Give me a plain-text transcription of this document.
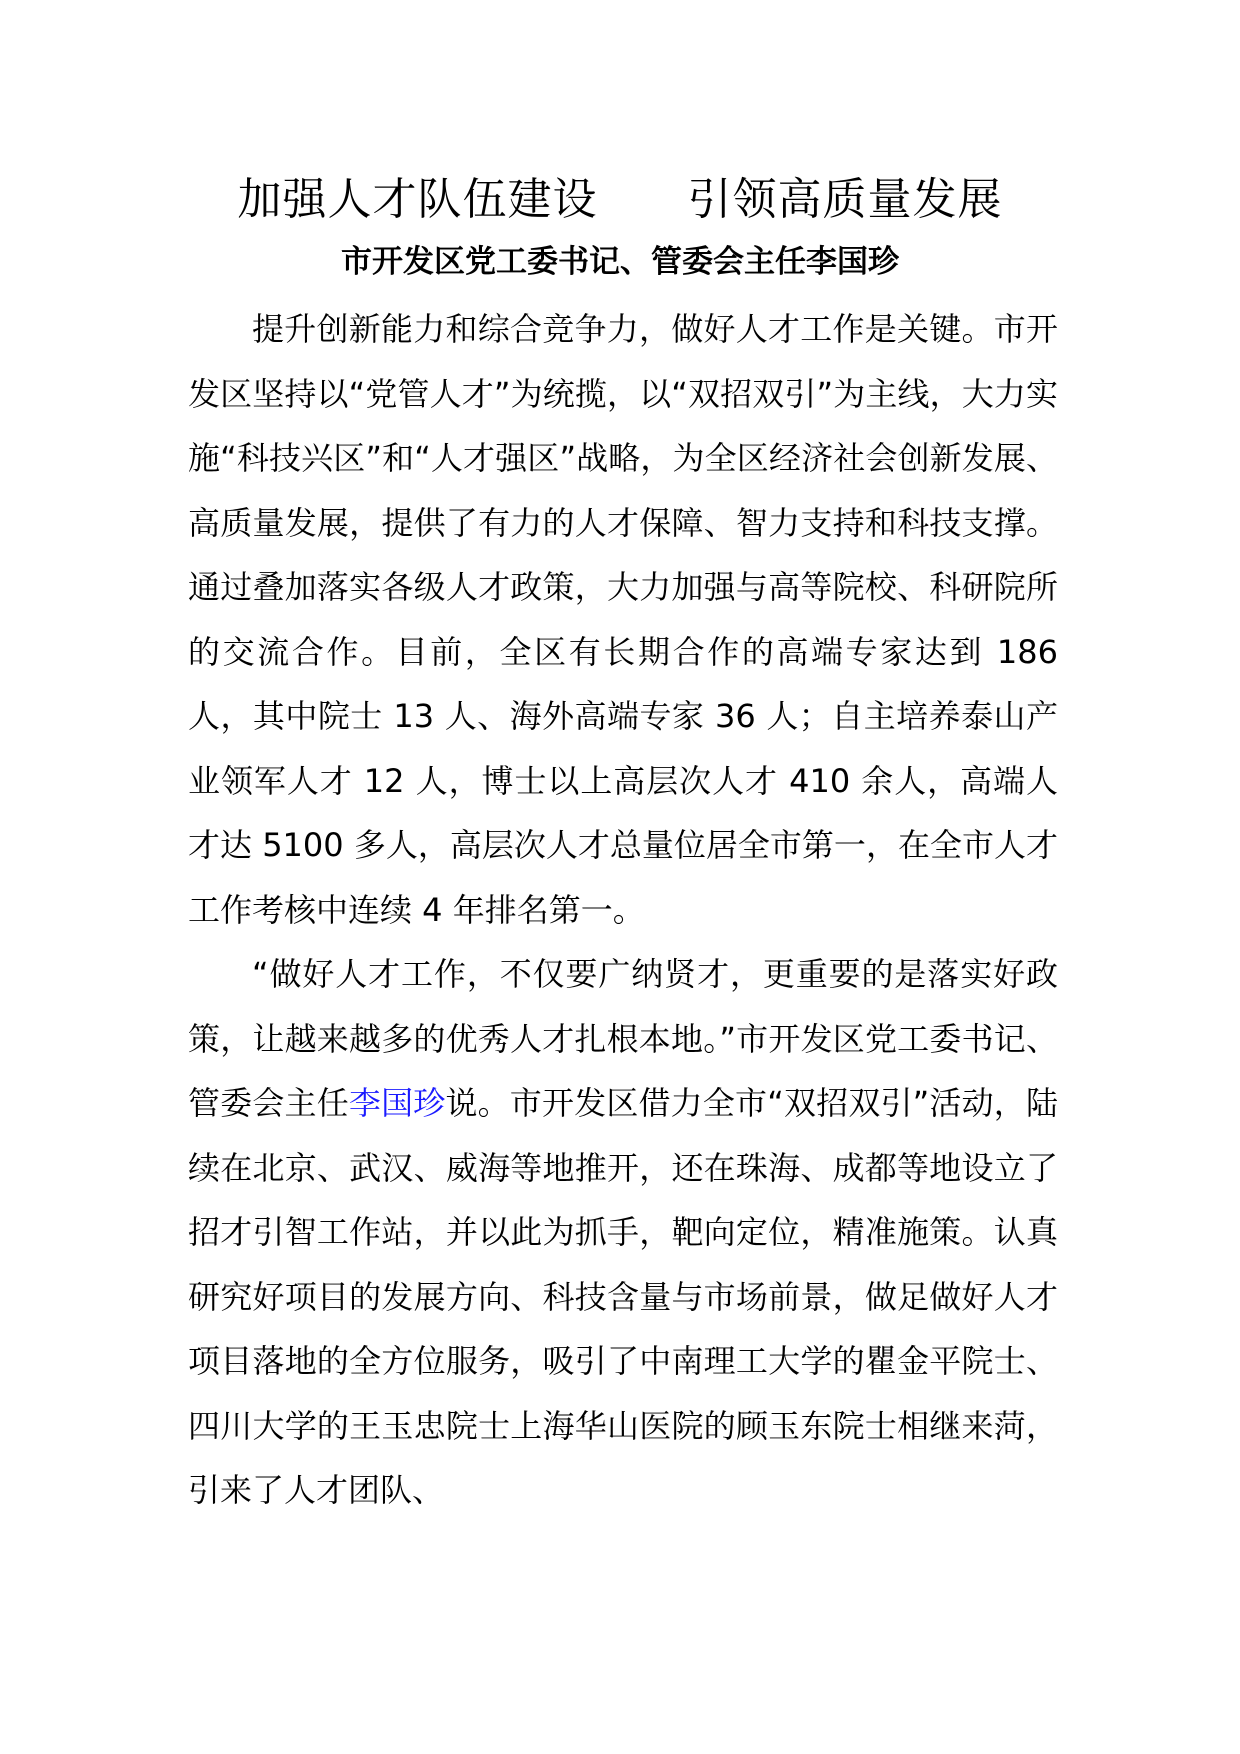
加强人才队伍建设      引领高质量发展
市开发区党工委书记、管委会主任李国珍

提升创新能力和综合竞争力，做好人才工作是关键。市开发区坚持以“党管人才”为统揽，以“双招双引”为主线，大力实施“科技兴区”和“人才强区”战略，为全区经济社会创新发展、高质量发展，提供了有力的人才保障、智力支持和科技支撑。通过叠加落实各级人才政策，大力加强与高等院校、科研院所的交流合作。目前，全区有长期合作的高端专家达到 186 人，其中院士 13 人、海外高端专家 36 人；自主培养泰山产业领军人才 12 人，博士以上高层次人才 410 余人，高端人才达 5100 多人，高层次人才总量位居全市第一，在全市人才工作考核中连续 4 年排名第一。

“做好人才工作，不仅要广纳贤才，更重要的是落实好政策，让越来越多的优秀人才扎根本地。”市开发区党工委书记、管委会主任李国珍说。市开发区借力全市“双招双引”活动，陆续在北京、武汉、威海等地推开，还在珠海、成都等地设立了招才引智工作站，并以此为抓手，靶向定位，精准施策。认真研究好项目的发展方向、科技含量与市场前景，做足做好人才项目落地的全方位服务，吸引了中南理工大学的瞿金平院士、四川大学的王玉忠院士上海华山医院的顾玉东院士相继来菏，引来了人才团队、
